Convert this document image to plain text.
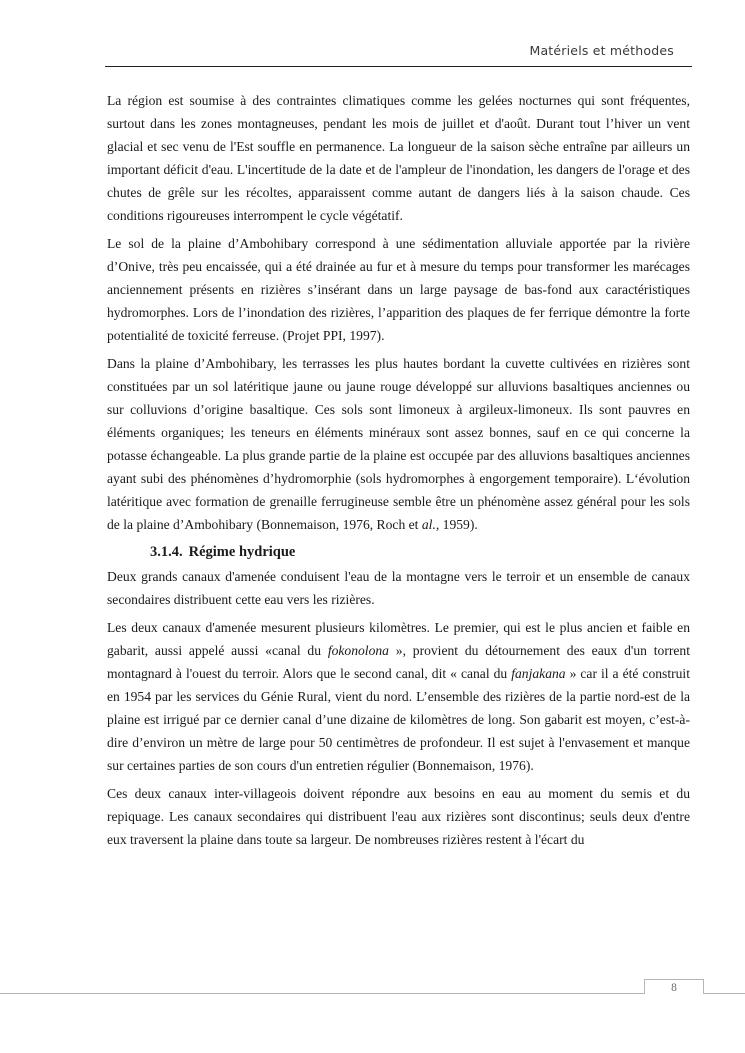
Matériels et méthodes

La région est soumise à des contraintes climatiques comme les gelées nocturnes qui sont fréquentes, surtout dans les zones montagneuses, pendant les mois de juillet et d'août. Durant tout l’hiver un vent glacial et sec venu de l'Est souffle en permanence. La longueur de la saison sèche entraîne par ailleurs un important déficit d'eau. L'incertitude de la date et de l'ampleur de l'inondation, les dangers de l'orage et des chutes de grêle sur les récoltes, apparaissent comme autant de dangers liés à la saison chaude. Ces conditions rigoureuses interrompent le cycle végétatif.

Le sol de la plaine d’Ambohibary correspond à une sédimentation alluviale apportée par la rivière d’Onive, très peu encaissée, qui a été drainée au fur et à mesure du temps pour transformer les marécages anciennement présents en rizières s’insérant dans un large paysage de bas-fond aux caractéristiques hydromorphes. Lors de l’inondation des rizières, l’apparition des plaques de fer ferrique démontre la forte potentialité de toxicité ferreuse. (Projet PPI, 1997).

Dans la plaine d’Ambohibary, les terrasses les plus hautes bordant la cuvette cultivées en rizières sont constituées par un sol latéritique jaune ou jaune rouge développé sur alluvions basaltiques anciennes ou sur colluvions d’origine basaltique. Ces sols sont limoneux à argileux-limoneux. Ils sont pauvres en éléments organiques; les teneurs en éléments minéraux sont assez bonnes, sauf en ce qui concerne la potasse échangeable. La plus grande partie de la plaine est occupée par des alluvions basaltiques anciennes ayant subi des phénomènes d’hydromorphie (sols hydromorphes à engorgement temporaire). L‘évolution latéritique avec formation de grenaille ferrugineuse semble être un phénomène assez général pour les sols de la plaine d’Ambohibary (Bonnemaison, 1976, Roch et al., 1959).

3.1.4. Régime hydrique

Deux grands canaux d'amenée conduisent l'eau de la montagne vers le terroir et un ensemble de canaux secondaires distribuent cette eau vers les rizières.

Les deux canaux d'amenée mesurent plusieurs kilomètres. Le premier, qui est le plus ancien et faible en gabarit, aussi appelé aussi «canal du fokonolona », provient du détournement des eaux d'un torrent montagnard à l'ouest du terroir. Alors que le second canal, dit « canal du fanjakana » car il a été construit en 1954 par les services du Génie Rural, vient du nord. L’ensemble des rizières de la partie nord-est de la plaine est irrigué par ce dernier canal d’une dizaine de kilomètres de long. Son gabarit est moyen, c’est-à-dire d’environ un mètre de large pour 50 centimètres de profondeur. Il est sujet à l'envasement et manque sur certaines parties de son cours d'un entretien régulier (Bonnemaison, 1976).

Ces deux canaux inter-villageois doivent répondre aux besoins en eau au moment du semis et du repiquage. Les canaux secondaires qui distribuent l'eau aux rizières sont discontinus; seuls deux d'entre eux traversent la plaine dans toute sa largeur. De nombreuses rizières restent à l'écart du

8
